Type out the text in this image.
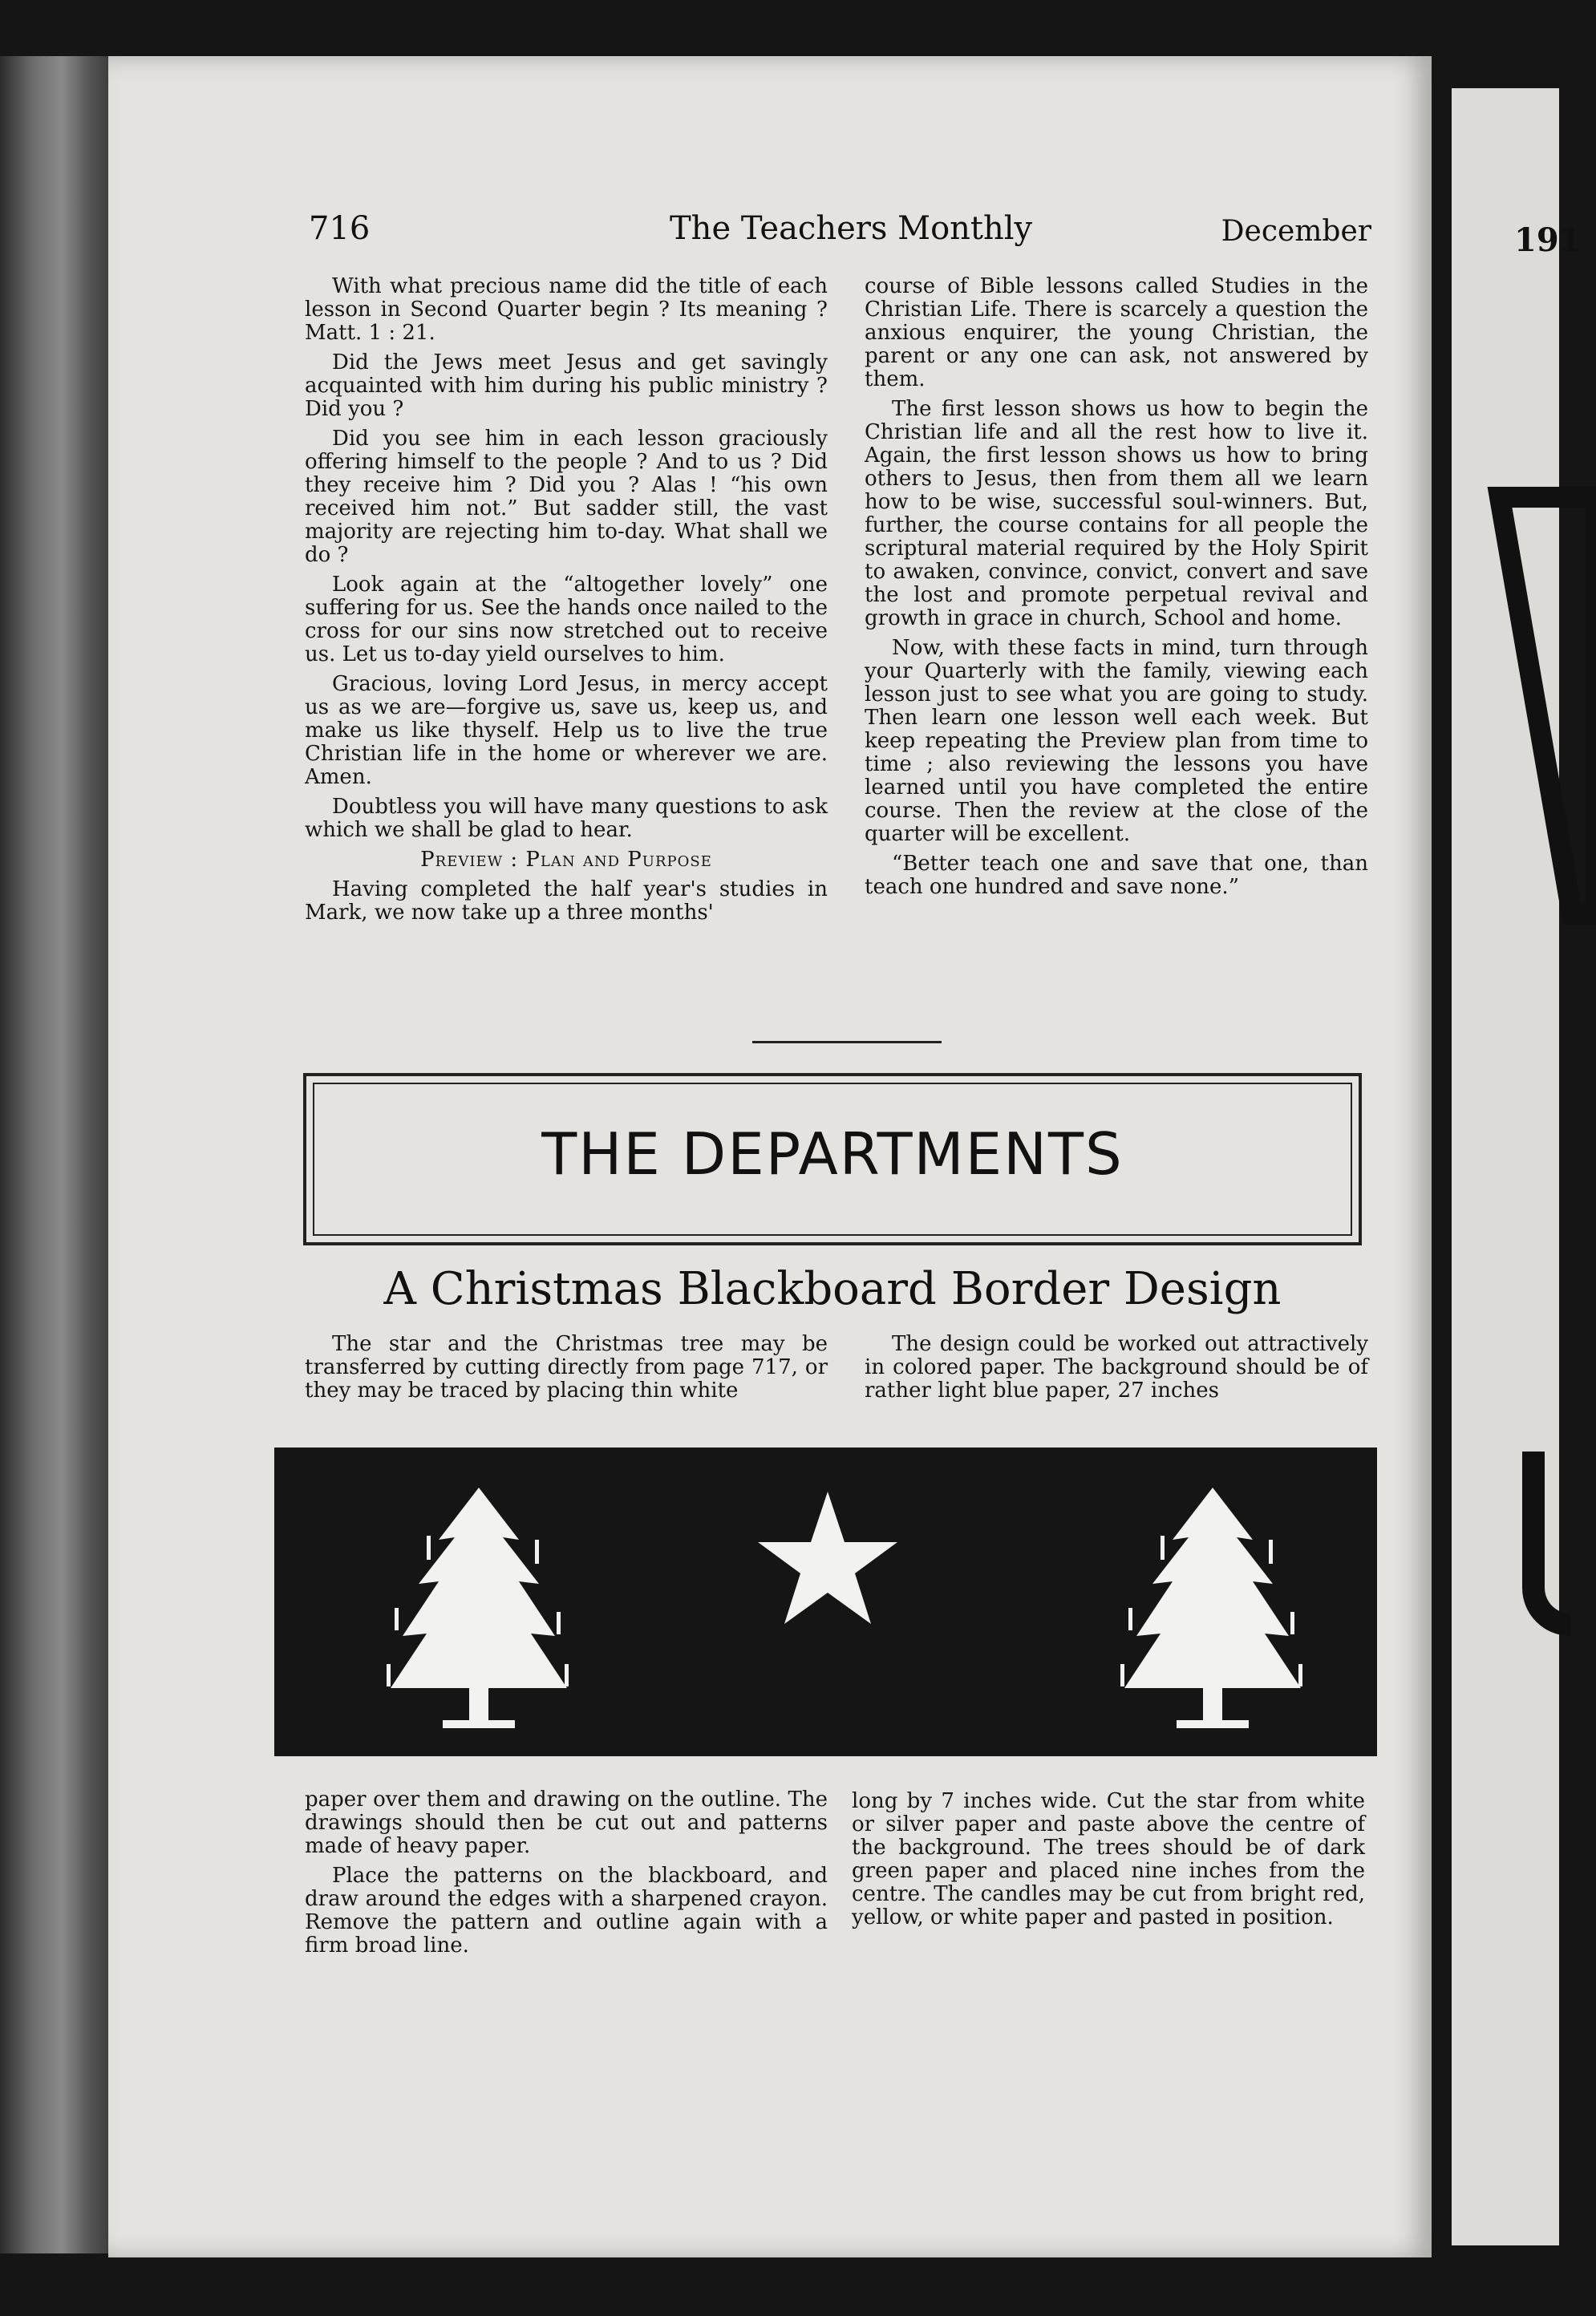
191
716	The Teachers Monthly	December

With what precious name did the title of each lesson in Second Quarter begin ? Its meaning ? Matt. 1 : 21.

Did the Jews meet Jesus and get savingly acquainted with him during his public ministry ? Did you ?

Did you see him in each lesson graciously offering himself to the people ? And to us ? Did they receive him ? Did you ? Alas ! “his own received him not.” But sadder still, the vast majority are rejecting him to-day. What shall we do ?

Look again at the “altogether lovely” one suffering for us. See the hands once nailed to the cross for our sins now stretched out to receive us. Let us to-day yield ourselves to him.

Gracious, loving Lord Jesus, in mercy accept us as we are—forgive us, save us, keep us, and make us like thyself. Help us to live the true Christian life in the home or wherever we are. Amen.

Doubtless you will have many questions to ask which we shall be glad to hear.

Preview : Plan and Purpose

Having completed the half year's studies in Mark, we now take up a three months'

course of Bible lessons called Studies in the Christian Life. There is scarcely a question the anxious enquirer, the young Christian, the parent or any one can ask, not answered by them.

The first lesson shows us how to begin the Christian life and all the rest how to live it. Again, the first lesson shows us how to bring others to Jesus, then from them all we learn how to be wise, successful soul-winners. But, further, the course contains for all people the scriptural material required by the Holy Spirit to awaken, convince, convict, convert and save the lost and promote perpetual revival and growth in grace in church, School and home.

Now, with these facts in mind, turn through your Quarterly with the family, viewing each lesson just to see what you are going to study. Then learn one lesson well each week. But keep repeating the Preview plan from time to time ; also reviewing the lessons you have learned until you have completed the entire course. Then the review at the close of the quarter will be excellent.

“Better teach one and save that one, than teach one hundred and save none.”

THE DEPARTMENTS
A Christmas Blackboard Border Design

The star and the Christmas tree may be transferred by cutting directly from page 717, or they may be traced by placing thin white

The design could be worked out attractively in colored paper. The background should be of rather light blue paper, 27 inches

paper over them and drawing on the outline. The drawings should then be cut out and patterns made of heavy paper.

Place the patterns on the blackboard, and draw around the edges with a sharpened crayon. Remove the pattern and outline again with a firm broad line.

long by 7 inches wide. Cut the star from white or silver paper and paste above the centre of the background. The trees should be of dark green paper and placed nine inches from the centre. The candles may be cut from bright red, yellow, or white paper and pasted in position.
